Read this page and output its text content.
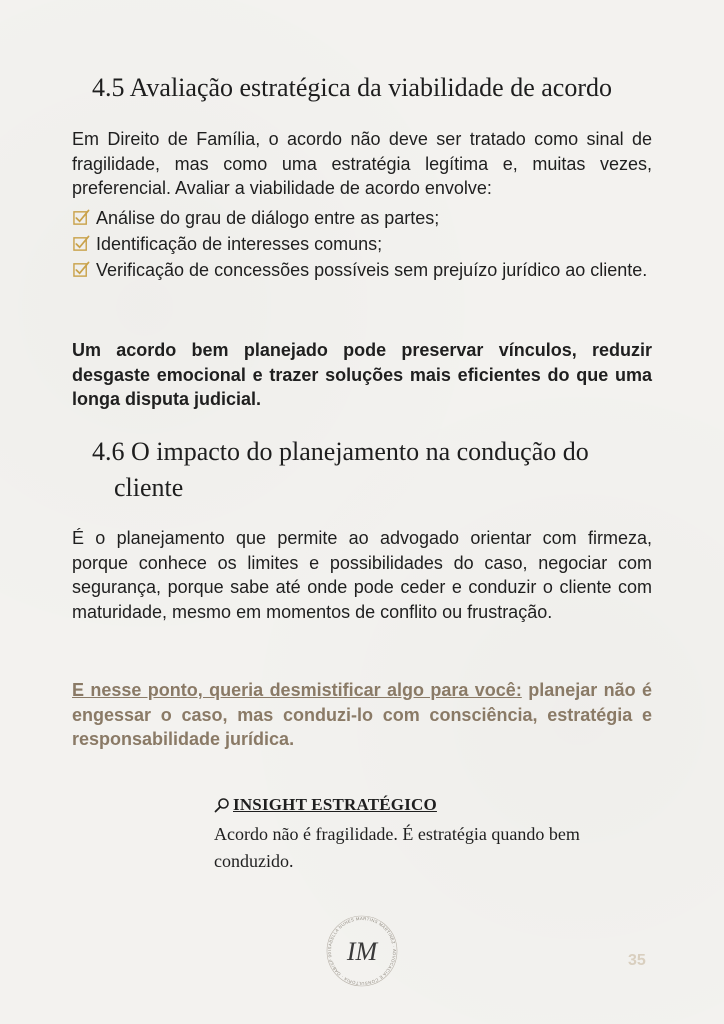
4.5 Avaliação estratégica da viabilidade de acordo

Em Direito de Família, o acordo não deve ser tratado como sinal de fragilidade, mas como uma estratégia legítima e, muitas vezes, preferencial. Avaliar a viabilidade de acordo envolve:

Análise do grau de diálogo entre as partes;
Identificação de interesses comuns;
Verificação de concessões possíveis sem prejuízo jurídico ao cliente.

Um acordo bem planejado pode preservar vínculos, reduzir desgaste emocional e trazer soluções mais eficientes do que uma longa disputa judicial.

4.6 O impacto do planejamento na condução do
cliente

É o planejamento que permite ao advogado orientar com firmeza, porque conhece os limites e possibilidades do caso, negociar com segurança, porque sabe até onde pode ceder e conduzir o cliente com maturidade, mesmo em momentos de conflito ou frustração.

E nesse ponto, queria desmistificar algo para você: planejar não é engessar o caso, mas conduzi-lo com consciência, estratégia e responsabilidade jurídica.

INSIGHT ESTRATÉGICO
Acordo não é fragilidade. É estratégia quando bem conduzido.
ISABELLA NUNES MARTINS MARTINEZ · ADVOCACIA E CONSULTORIA · OAB/SP 00 IM	35
